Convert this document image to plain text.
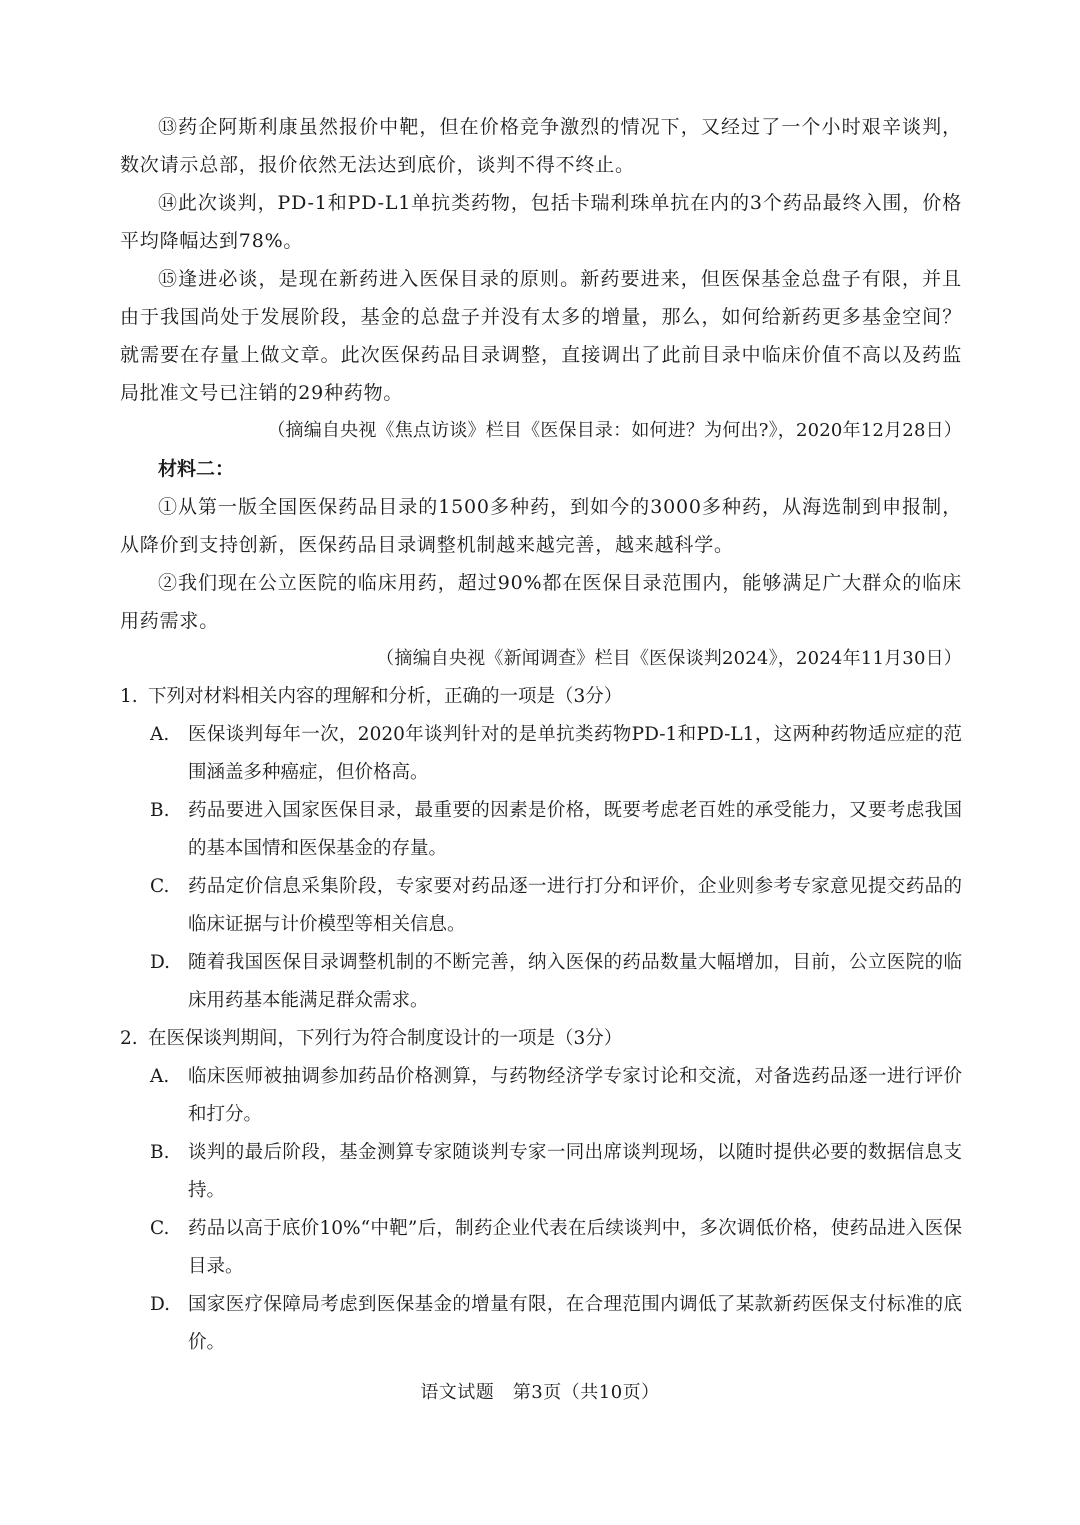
⑬药企阿斯利康虽然报价中靶，但在价格竞争激烈的情况下，又经过了一个小时艰辛谈判，数次请示总部，报价依然无法达到底价，谈判不得不终止。

⑭此次谈判，PD-1和PD-L1单抗类药物，包括卡瑞利珠单抗在内的3个药品最终入围，价格平均降幅达到78%。

⑮逢进必谈，是现在新药进入医保目录的原则。新药要进来，但医保基金总盘子有限，并且由于我国尚处于发展阶段，基金的总盘子并没有太多的增量，那么，如何给新药更多基金空间？就需要在存量上做文章。此次医保药品目录调整，直接调出了此前目录中临床价值不高以及药监局批准文号已注销的29种药物。

（摘编自央视《焦点访谈》栏目《医保目录：如何进？为何出?》，2020年12月28日）

材料二：

①从第一版全国医保药品目录的1500多种药，到如今的3000多种药，从海选制到申报制，从降价到支持创新，医保药品目录调整机制越来越完善，越来越科学。

②我们现在公立医院的临床用药，超过90%都在医保目录范围内，能够满足广大群众的临床用药需求。

（摘编自央视《新闻调查》栏目《医保谈判2024》，2024年11月30日）

1. 下列对材料相关内容的理解和分析，正确的一项是（3分）
A.	医保谈判每年一次，2020年谈判针对的是单抗类药物PD-1和PD-L1，这两种药物适应症的范围涵盖多种癌症，但价格高。
B.	药品要进入国家医保目录，最重要的因素是价格，既要考虑老百姓的承受能力，又要考虑我国的基本国情和医保基金的存量。
C.	药品定价信息采集阶段，专家要对药品逐一进行打分和评价，企业则参考专家意见提交药品的临床证据与计价模型等相关信息。
D. 随着我国医保目录调整机制的不断完善，纳入医保的药品数量大幅增加，目前，公立医院的临床用药基本能满足群众需求。
2. 在医保谈判期间，下列行为符合制度设计的一项是（3分）
A.	临床医师被抽调参加药品价格测算，与药物经济学专家讨论和交流，对备选药品逐一进行评价和打分。
B.	谈判的最后阶段，基金测算专家随谈判专家一同出席谈判现场，以随时提供必要的数据信息支持。
C.	药品以高于底价10%“中靶”后，制药企业代表在后续谈判中，多次调低价格，使药品进入医保目录。
D. 国家医疗保障局考虑到医保基金的增量有限，在合理范围内调低了某款新药医保支付标准的底价。
语文试题　第3页（共10页）
